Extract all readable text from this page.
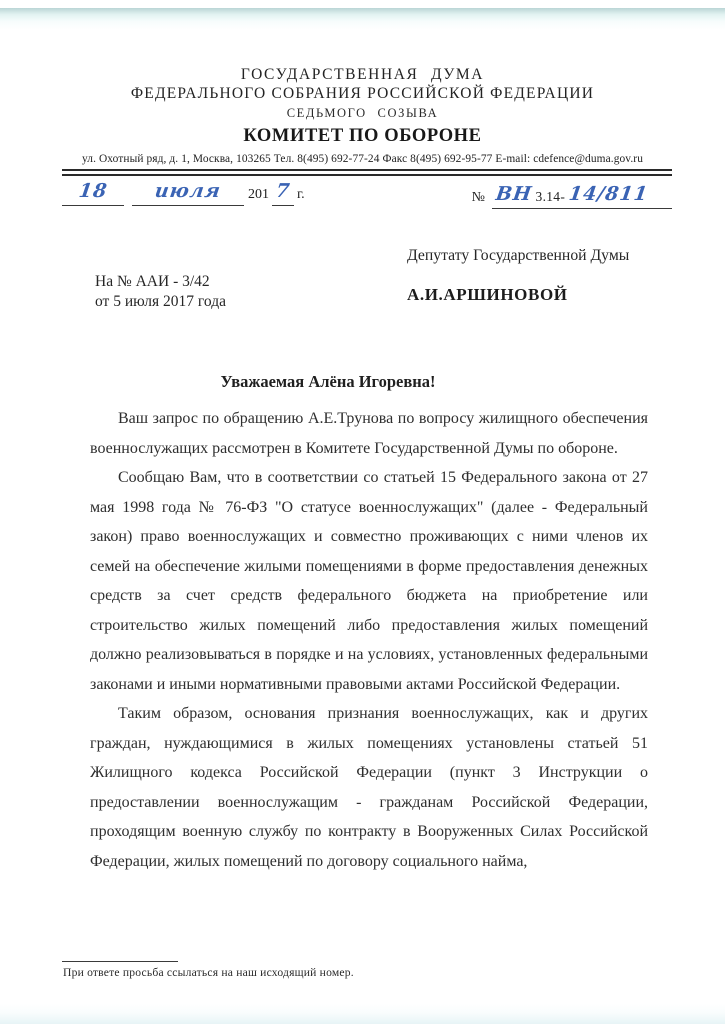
ГОСУДАРСТВЕННАЯ ДУМА
ФЕДЕРАЛЬНОГО СОБРАНИЯ РОССИЙСКОЙ ФЕДЕРАЦИИ
СЕДЬМОГО СОЗЫВА
КОМИТЕТ ПО ОБОРОНЕ
ул. Охотный ряд, д. 1, Москва, 103265 Тел. 8(495) 692-77-24 Факс 8(495) 692-95-77 E-mail: cdefence@duma.gov.ru
18 июля 201 7 г.	№ ВН 3.14- 14/811
На № ААИ - 3/42
от 5 июля 2017 года
Депутату Государственной Думы
А.И.АРШИНОВОЙ
Уважаемая Алёна Игоревна!

Ваш запрос по обращению А.Е.Трунова по вопросу жилищного обеспечения военнослужащих рассмотрен в Комитете Государственной Думы по обороне.

Сообщаю Вам, что в соответствии со статьей 15 Федерального закона от 27 мая 1998 года № 76-ФЗ "О статусе военнослужащих" (далее - Федеральный закон) право военнослужащих и совместно проживающих с ними членов их семей на обеспечение жилыми помещениями в форме предоставления денежных средств за счет средств федерального бюджета на приобретение или строительство жилых помещений либо предоставления жилых помещений должно реализовываться в порядке и на условиях, установленных федеральными законами и иными нормативными правовыми актами Российской Федерации.

Таким образом, основания признания военнослужащих, как и других граждан, нуждающимися в жилых помещениях установлены статьей 51 Жилищного кодекса Российской Федерации (пункт 3 Инструкции о предоставлении военнослужащим - гражданам Российской Федерации, проходящим военную службу по контракту в Вооруженных Силах Российской Федерации, жилых помещений по договору социального найма,

При ответе просьба ссылаться на наш исходящий номер.
